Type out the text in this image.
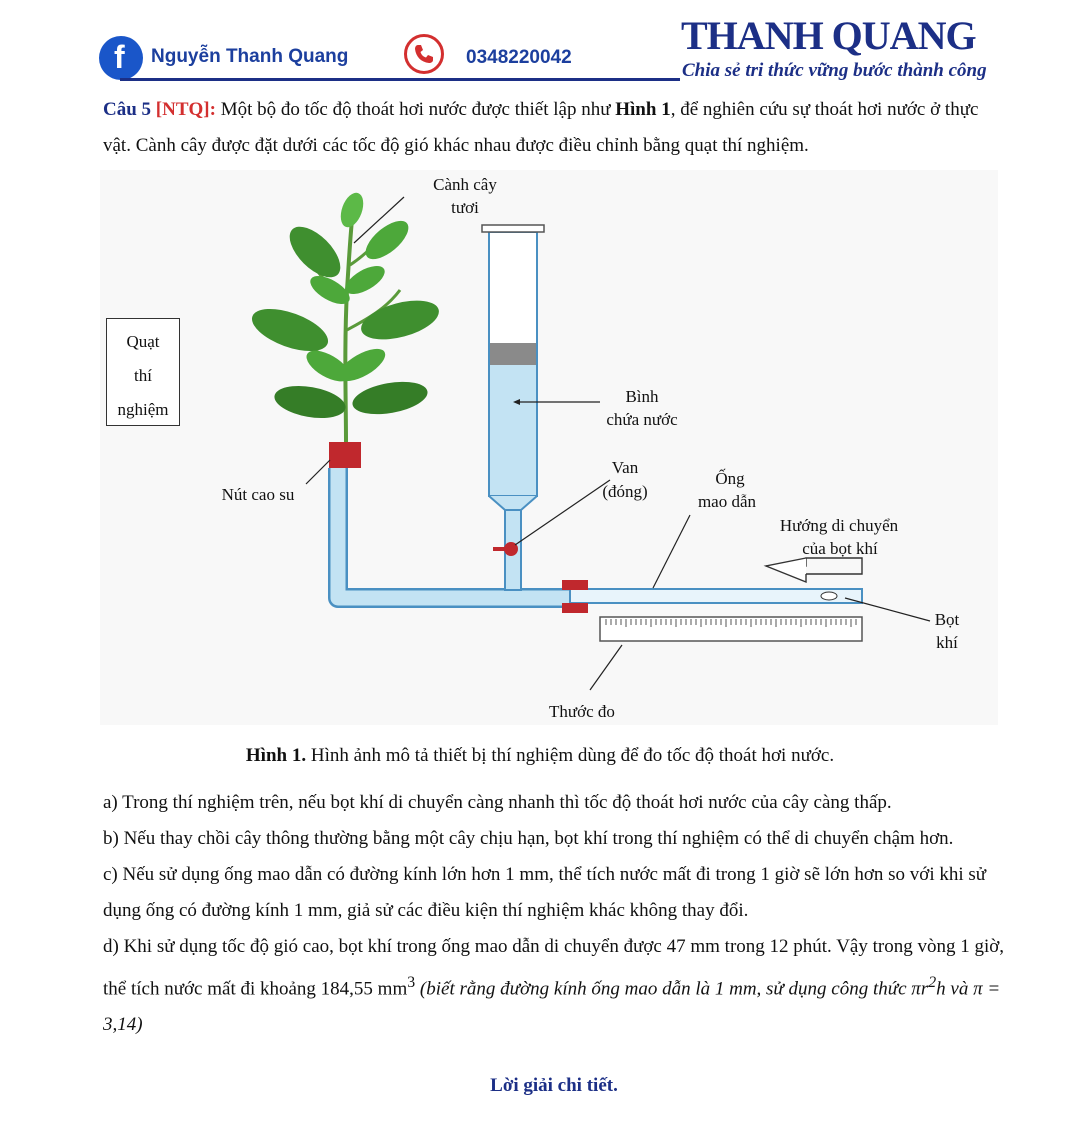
f Nguyễn Thanh Quang	0348220042	THANH QUANG
Chia sẻ tri thức vững bước thành công
Câu 5 [NTQ]: Một bộ đo tốc độ thoát hơi nước được thiết lập như Hình 1, để nghiên cứu sự thoát hơi nước ở thực vật. Cành cây được đặt dưới các tốc độ gió khác nhau được điều chỉnh bằng quạt thí nghiệm.
Quạt
thí
nghiệm
Cành cây
tươi
Bình
chứa nước
Van
(đóng)
Ống
mao dẫn
Hướng di chuyển
của bọt khí
Nút cao su
Bọt
khí
Thước đo
Hình 1. Hình ảnh mô tả thiết bị thí nghiệm dùng để đo tốc độ thoát hơi nước.

a) Trong thí nghiệm trên, nếu bọt khí di chuyển càng nhanh thì tốc độ thoát hơi nước của cây càng thấp.

b) Nếu thay chồi cây thông thường bằng một cây chịu hạn, bọt khí trong thí nghiệm có thể di chuyển chậm hơn.

c) Nếu sử dụng ống mao dẫn có đường kính lớn hơn 1 mm, thể tích nước mất đi trong 1 giờ sẽ lớn hơn so với khi sử dụng ống có đường kính 1 mm, giả sử các điều kiện thí nghiệm khác không thay đổi.

d) Khi sử dụng tốc độ gió cao, bọt khí trong ống mao dẫn di chuyển được 47 mm trong 12 phút. Vậy trong vòng 1 giờ, thể tích nước mất đi khoảng 184,55 $mm^3$ (biết rằng đường kính ống mao dẫn là 1 mm, sử dụng công thức $\pi r^2h$ và π = 3,14)

Lời giải chi tiết.
